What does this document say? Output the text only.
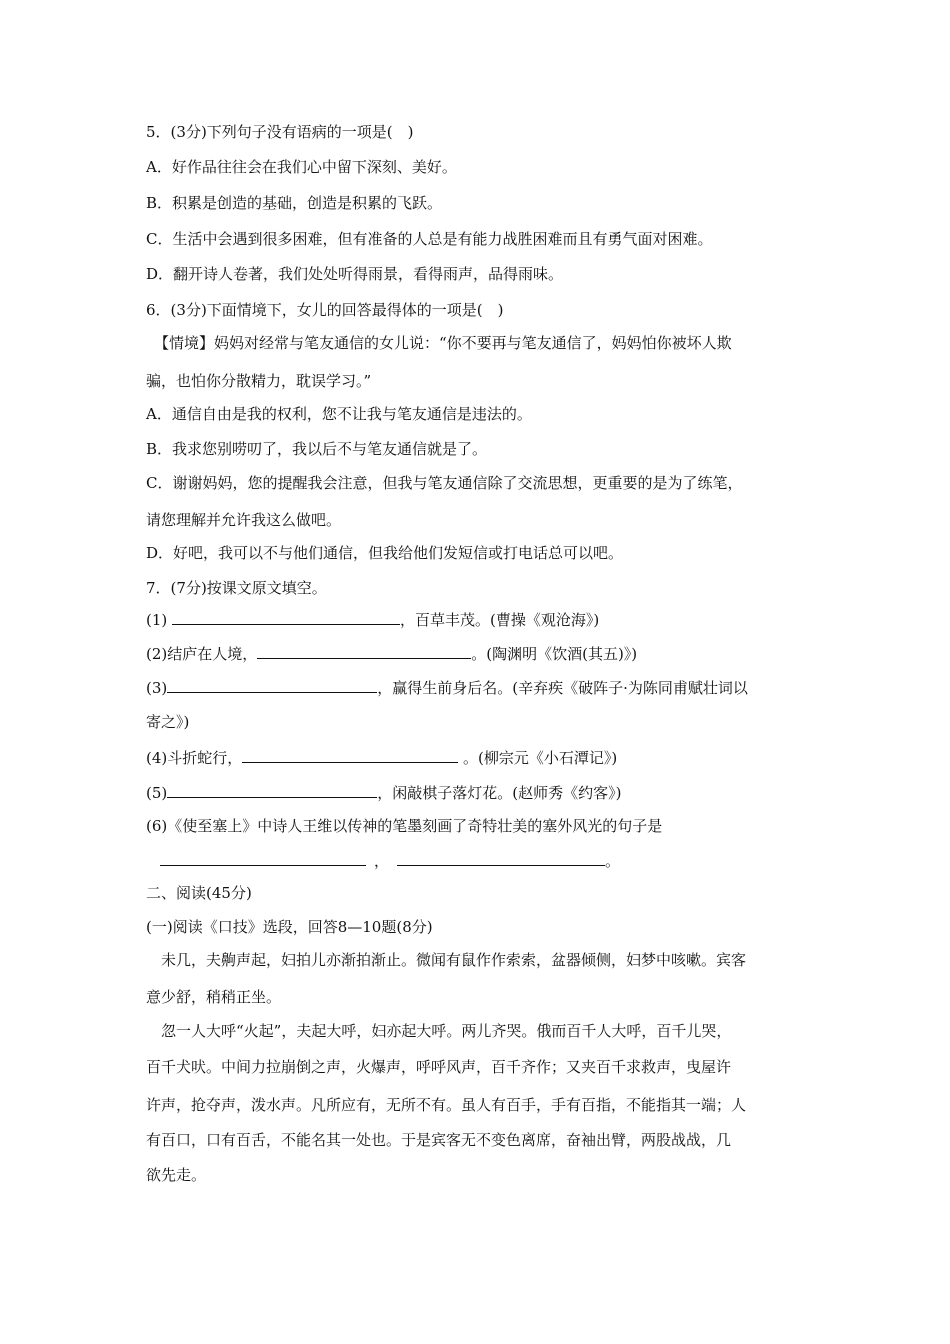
5．(3分)下列句子没有语病的一项是(　)

A．好作品往往会在我们心中留下深刻、美好。

B．积累是创造的基础，创造是积累的飞跃。

C．生活中会遇到很多困难，但有准备的人总是有能力战胜困难而且有勇气面对困难。

D．翻开诗人卷著，我们处处听得雨景，看得雨声，品得雨味。

6．(3分)下面情境下，女儿的回答最得体的一项是(　)

【情境】妈妈对经常与笔友通信的女儿说：“你不要再与笔友通信了，妈妈怕你被坏人欺

骗，也怕你分散精力，耽误学习。”

A．通信自由是我的权利，您不让我与笔友通信是违法的。

B．我求您别唠叨了，我以后不与笔友通信就是了。

C．谢谢妈妈，您的提醒我会注意，但我与笔友通信除了交流思想，更重要的是为了练笔，

请您理解并允许我这么做吧。

D．好吧，我可以不与他们通信，但我给他们发短信或打电话总可以吧。

7．(7分)按课文原文填空。

(1)	，百草丰茂。(曹操《观沧海》)

(2)结庐在人境，	。(陶渊明《饮酒(其五)》)

(3)	，赢得生前身后名。(辛弃疾《破阵子·为陈同甫赋壮词以

寄之》)

(4)斗折蛇行，	。(柳宗元《小石潭记》)

(5)	，闲敲棋子落灯花。(赵师秀《约客》)

(6)《使至塞上》中诗人王维以传神的笔墨刻画了奇特壮美的塞外风光的句子是

，	。

二、阅读(45分)

(一)阅读《口技》选段，回答8—10题(8分)

　未几，夫齁声起，妇拍儿亦渐拍渐止。微闻有鼠作作索索，盆器倾侧，妇梦中咳嗽。宾客

意少舒，稍稍正坐。

　忽一人大呼“火起”，夫起大呼，妇亦起大呼。两儿齐哭。俄而百千人大呼，百千儿哭，

百千犬吠。中间力拉崩倒之声，火爆声，呼呼风声，百千齐作；又夹百千求救声，曳屋许

许声，抢夺声，泼水声。凡所应有，无所不有。虽人有百手，手有百指，不能指其一端；人

有百口，口有百舌，不能名其一处也。于是宾客无不变色离席，奋袖出臂，两股战战，几

欲先走。
